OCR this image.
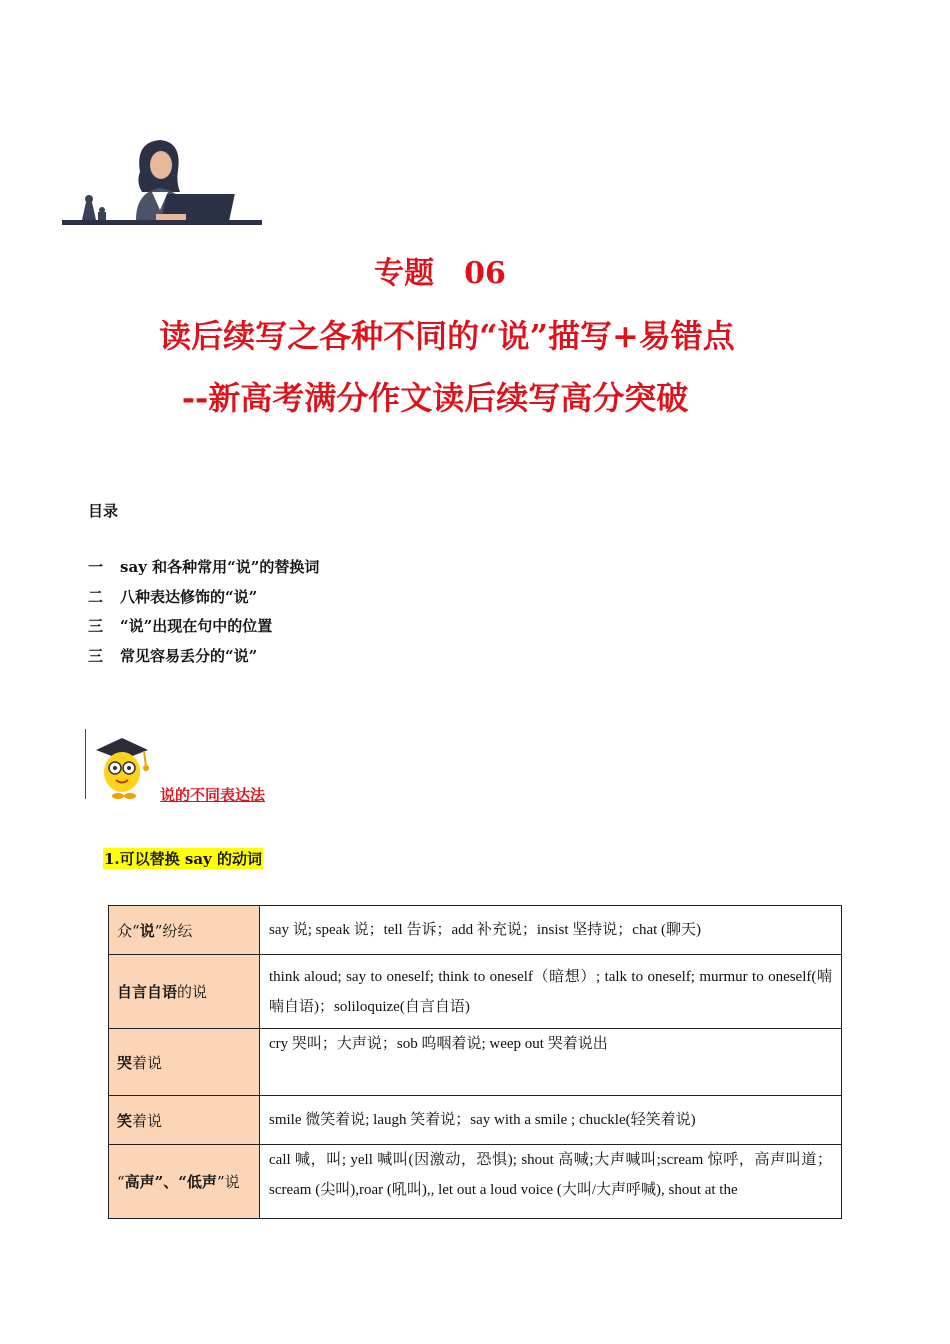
专题　06
读后续写之各种不同的“说”描写+易错点
--新高考满分作文读后续写高分突破
目录
一	say 和各种常用“说”的替换词
二	八种表达修饰的“说”
三	“说”出现在句中的位置
三	常见容易丢分的“说”
说的不同表达法
1.可以替换 say 的动词
众“说”纷纭	say 说; speak 说；tell 告诉；add 补充说；insist 坚持说；chat (聊天)
自言自语的说	think aloud; say to oneself; think to oneself（暗想）; talk to oneself; murmur to oneself(喃喃自语)；soliloquize(自言自语)
哭着说	cry 哭叫；大声说；sob 呜咽着说; weep out 哭着说出
笑着说	smile 微笑着说; laugh 笑着说；say with a smile ; chuckle(轻笑着说)
“高声”、“低声”说	call 喊，叫; yell 喊叫(因激动，恐惧); shout 高喊;大声喊叫;scream 惊呼，高声叫道；scream (尖叫),roar (吼叫),, let out a loud voice (大叫/大声呼喊), shout at the
